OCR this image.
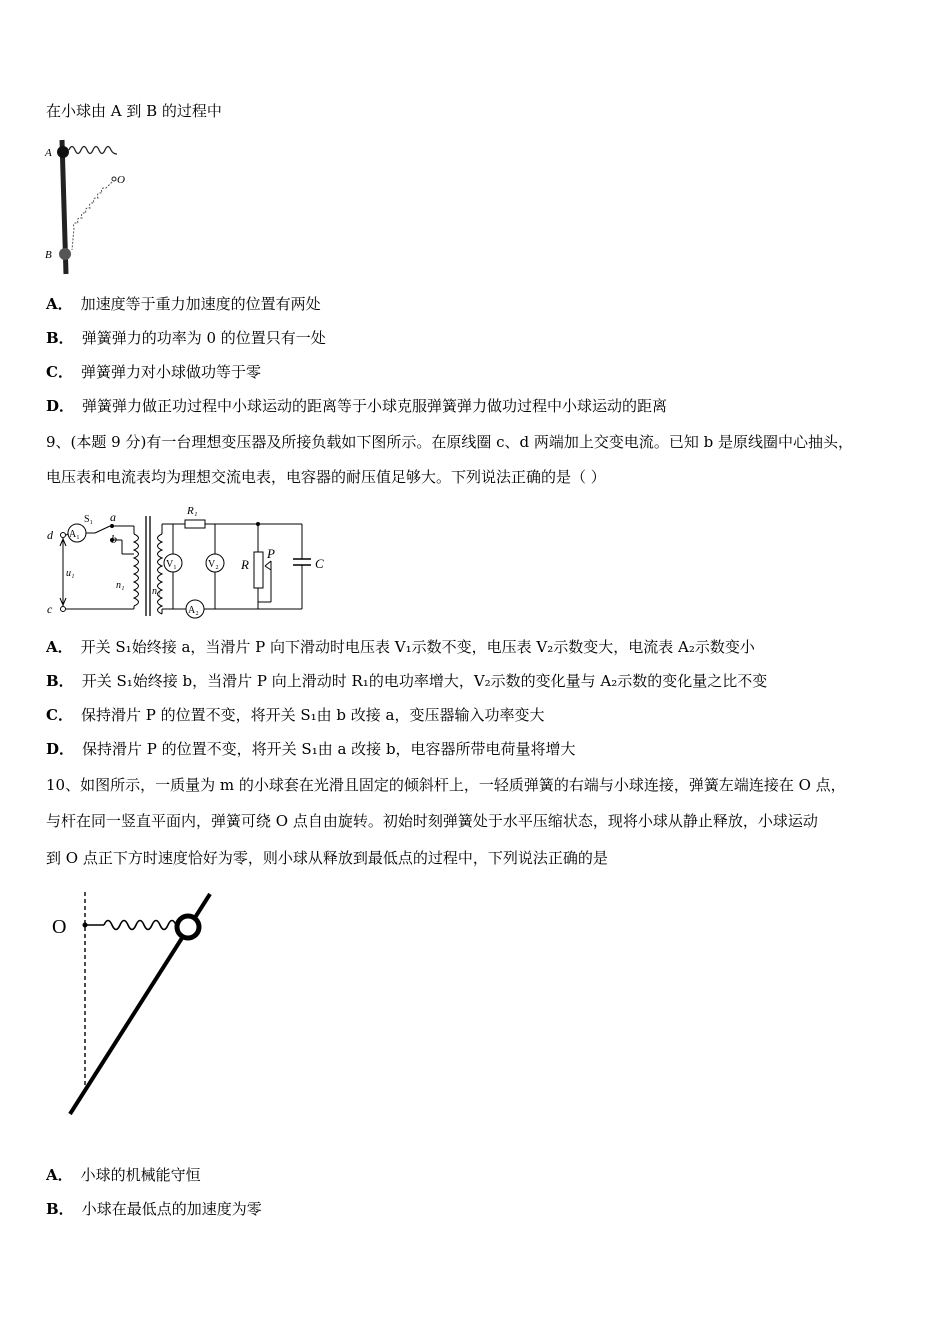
在小球由 A 到 B 的过程中
A
B
O
A． 加速度等于重力加速度的位置有两处
B． 弹簧弹力的功率为 0 的位置只有一处
C． 弹簧弹力对小球做功等于零
D． 弹簧弹力做正功过程中小球运动的距离等于小球克服弹簧弹力做功过程中小球运动的距离
9、(本题 9 分)有一台理想变压器及所接负载如下图所示。在原线圈 c、d 两端加上交变电流。已知 b 是原线圈中心抽头，
电压表和电流表均为理想交流电表，电容器的耐压值足够大。下列说法正确的是（ ）
d
c
A₁
S₁ a
b
u₁
n₁
n₂
R₁
V₁	V₂ R
P
C
A₂
A． 开关 S₁始终接 a，当滑片 P 向下滑动时电压表 V₁示数不变，电压表 V₂示数变大，电流表 A₂示数变小
B． 开关 S₁始终接 b，当滑片 P 向上滑动时 R₁的电功率增大，V₂示数的变化量与 A₂示数的变化量之比不变
C． 保持滑片 P 的位置不变，将开关 S₁由 b 改接 a，变压器输入功率变大
D． 保持滑片 P 的位置不变，将开关 S₁由 a 改接 b，电容器所带电荷量将增大
10、如图所示，一质量为 m 的小球套在光滑且固定的倾斜杆上，一轻质弹簧的右端与小球连接，弹簧左端连接在 O 点，
与杆在同一竖直平面内，弹簧可绕 O 点自由旋转。初始时刻弹簧处于水平压缩状态，现将小球从静止释放，小球运动
到 O 点正下方时速度恰好为零，则小球从释放到最低点的过程中，下列说法正确的是
O
A． 小球的机械能守恒
B． 小球在最低点的加速度为零
